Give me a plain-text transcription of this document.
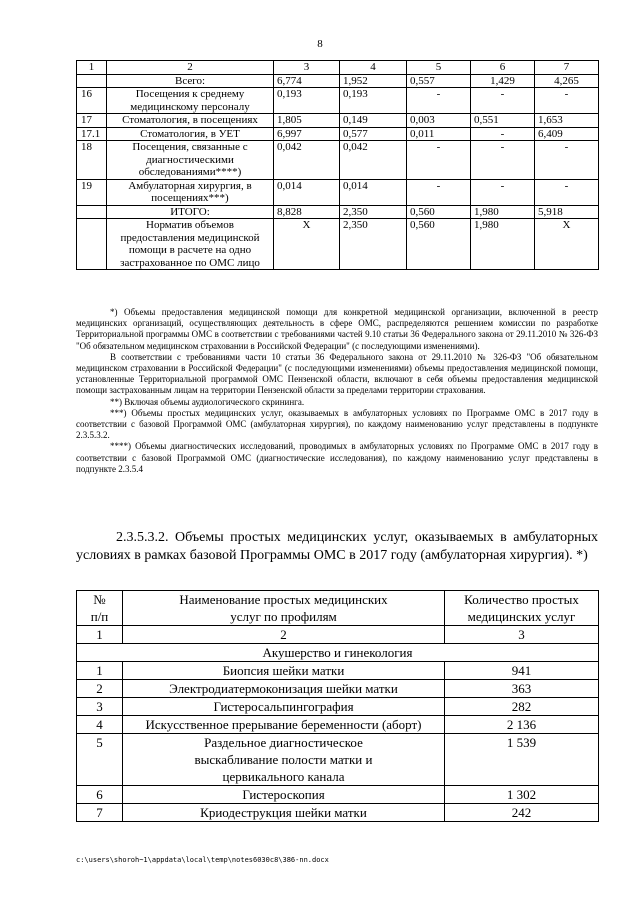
8
1	2	3	4	5	6	7
	Всего:	6,774	1,952	0,557	1,429	4,265
16	Посещения к среднему медицинскому персоналу	0,193	0,193	-	-	-
17	Стоматология, в посещениях	1,805	0,149	0,003	0,551	1,653
17.1	Стоматология, в УЕТ	6,997	0,577	0,011	-	6,409
18	Посещения, связанные с диагностическими обследованиями****)	0,042	0,042	-	-	-
19	Амбулаторная хирургия, в посещениях***)	0,014	0,014	-	-	-
	ИТОГО:	8,828	2,350	0,560	1,980	5,918
	Норматив объемов предоставления медицинской помощи в расчете на одно застрахованное по ОМС лицо	Х	2,350	0,560	1,980	Х

*) Объемы предоставления медицинской помощи для конкретной медицинской организации, включенной в реестр медицинских организаций, осуществляющих деятельность в сфере ОМС, распределяются решением комиссии по разработке Территориальной программы ОМС в соответствии с требованиями частей 9.10 статьи 36 Федерального закона от 29.11.2010 № 326-ФЗ "Об обязательном медицинском страховании в Российской Федерации" (с последующими изменениями).

В соответствии с требованиями части 10 статьи 36 Федерального закона от 29.11.2010 № 326-ФЗ "Об обязательном медицинском страховании в Российской Федерации" (с последующими изменениями) объемы предоставления медицинской помощи, установленные Территориальной программой ОМС Пензенской области, включают в себя объемы предоставления медицинской помощи застрахованным лицам на территории Пензенской области за пределами территории страхования.

**) Включая объемы аудиологического скрининга.

***) Объемы простых медицинских услуг, оказываемых в амбулаторных условиях по Программе ОМС в 2017 году в соответствии с базовой Программой ОМС (амбулаторная хирургия), по каждому наименованию услуг представлены в подпункте 2.3.5.3.2.

****) Объемы диагностических исследований, проводимых в амбулаторных условиях по Программе ОМС в 2017 году в соответствии с базовой Программой ОМС (диагностические исследования), по каждому наименованию услуг представлены в подпункте 2.3.5.4

2.3.5.3.2. Объемы простых медицинских услуг, оказываемых в амбулаторных условиях в рамках базовой Программы ОМС в 2017 году (амбулаторная хирургия). *)

№ п/п	Наименование простых медицинских услуг по профилям	Количество простых медицинских услуг
1	2	3
Акушерство и гинекология		
1	Биопсия шейки матки	941
2	Электродиатермоконизация шейки матки	363
3	Гистеросальпингография	282
4	Искусственное прерывание беременности (аборт)	2 136
5	Раздельное диагностическое выскабливание полости матки и цервикального канала	1 539
6	Гистероскопия	1 302
7	Криодеструкция шейки матки	242
c:\users\shoroh~1\appdata\local\temp\notes6030c8\386-nn.docx
